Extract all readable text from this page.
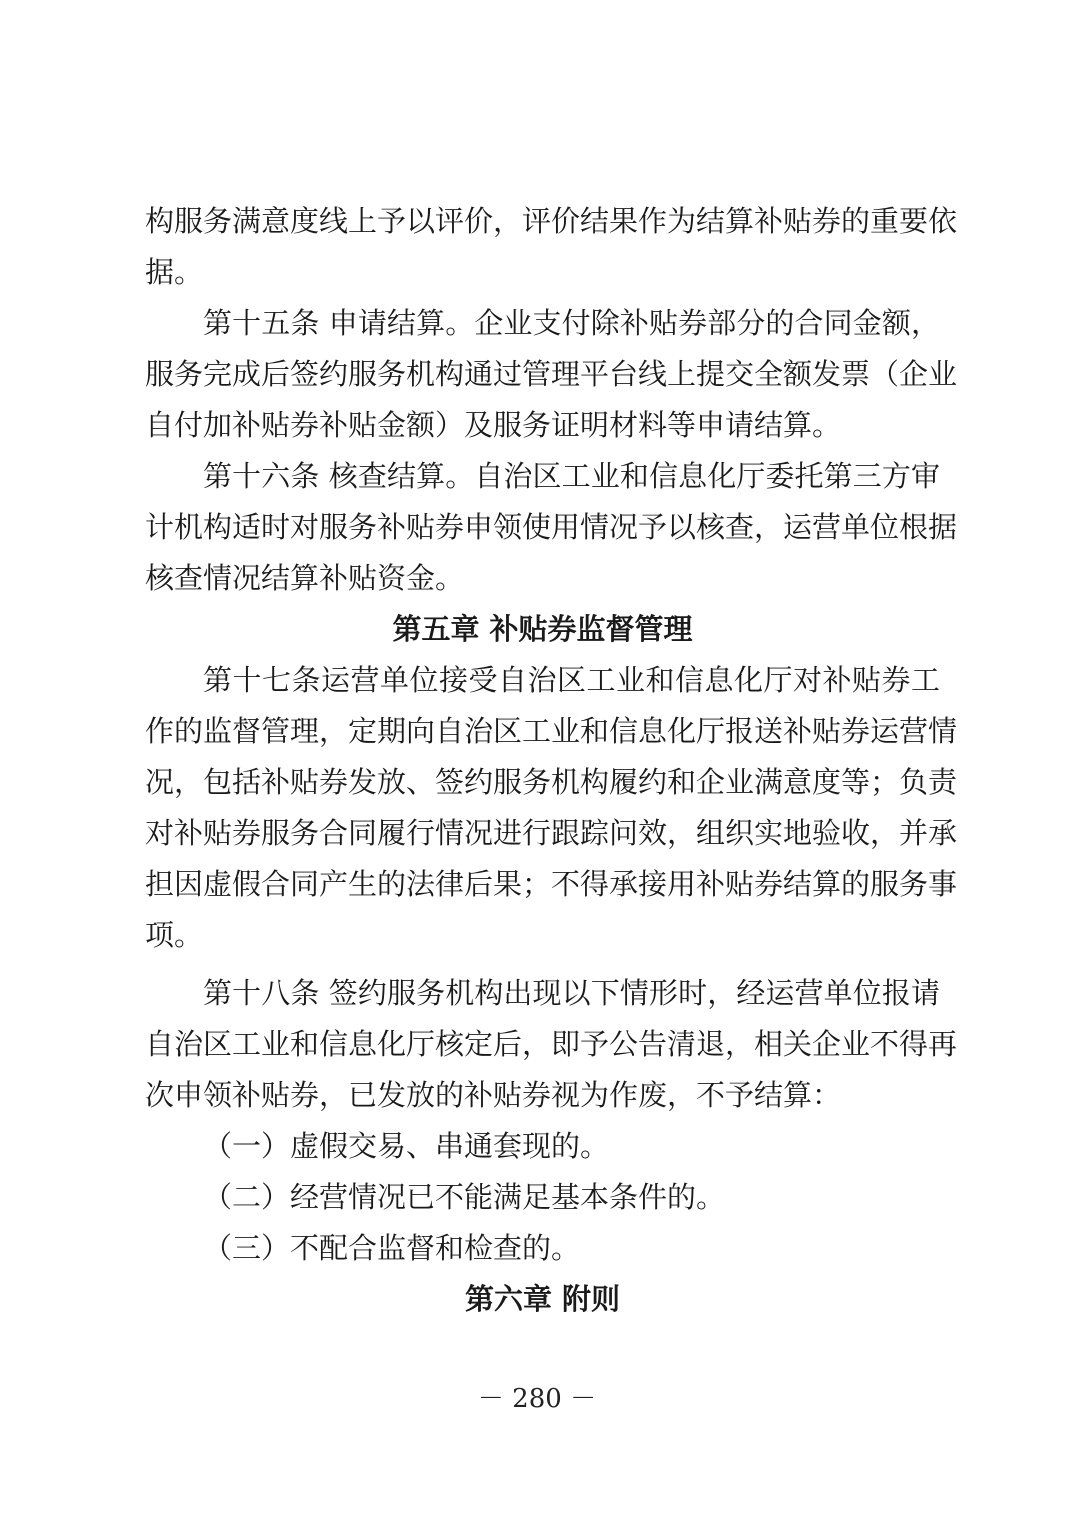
构服务满意度线上予以评价，评价结果作为结算补贴券的重要依
据。
第十五条 申请结算。企业支付除补贴券部分的合同金额，
服务完成后签约服务机构通过管理平台线上提交全额发票（企业
自付加补贴券补贴金额）及服务证明材料等申请结算。
第十六条 核查结算。自治区工业和信息化厅委托第三方审
计机构适时对服务补贴券申领使用情况予以核查，运营单位根据
核查情况结算补贴资金。
第五章 补贴券监督管理
第十七条运营单位接受自治区工业和信息化厅对补贴券工
作的监督管理，定期向自治区工业和信息化厅报送补贴券运营情
况，包括补贴券发放、签约服务机构履约和企业满意度等；负责
对补贴券服务合同履行情况进行跟踪问效，组织实地验收，并承
担因虚假合同产生的法律后果；不得承接用补贴券结算的服务事
项。
第十八条 签约服务机构出现以下情形时，经运营单位报请
自治区工业和信息化厅核定后，即予公告清退，相关企业不得再
次申领补贴券，已发放的补贴券视为作废，不予结算：
（一）虚假交易、串通套现的。
（二）经营情况已不能满足基本条件的。
（三）不配合监督和检查的。
第六章 附则
－ 280 －
